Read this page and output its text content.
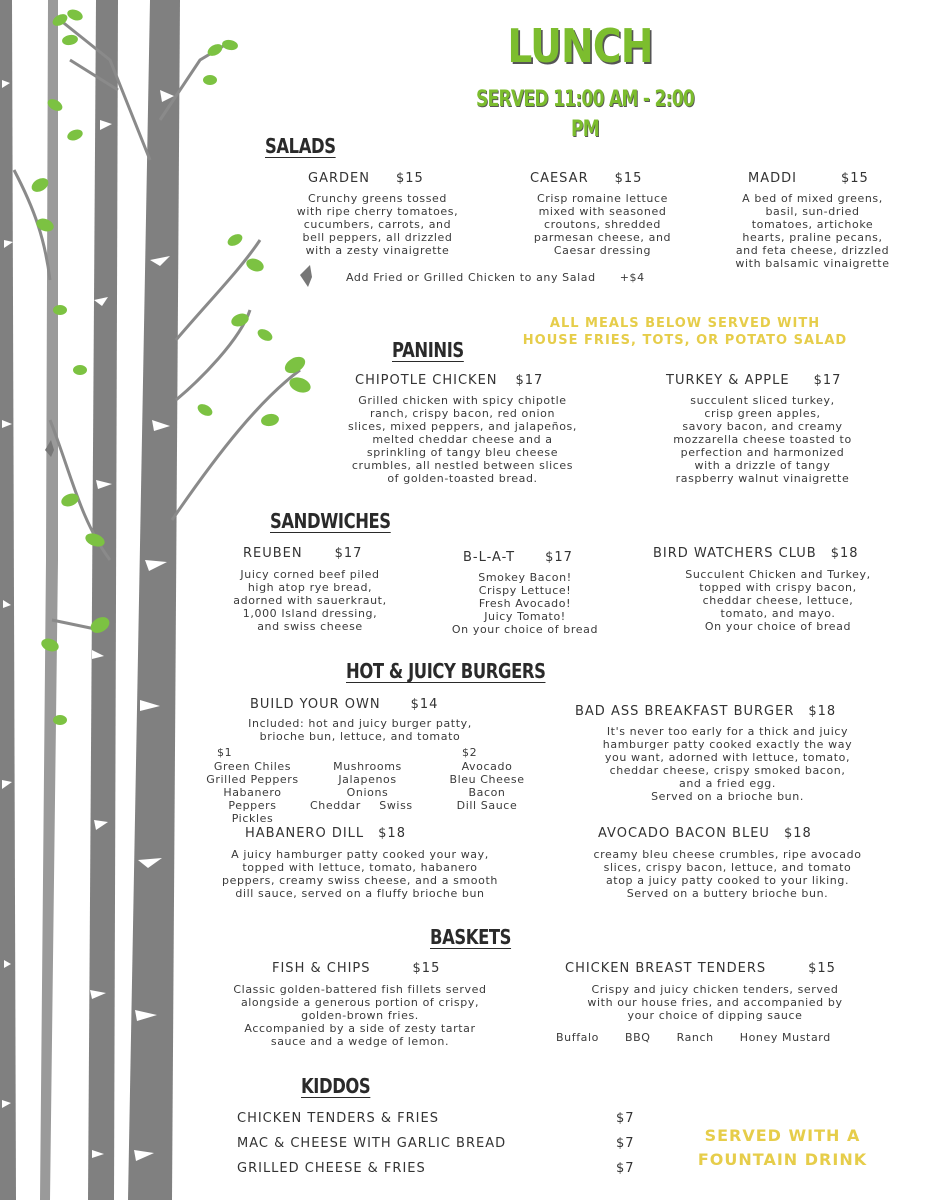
LUNCH
SERVED 11:00 AM - 2:00 PM
SALADS
GARDEN $15
Crunchy greens tossed
with ripe cherry tomatoes,
cucumbers, carrots, and
bell peppers, all drizzled
with a zesty vinaigrette
CAESAR $15
Crisp romaine lettuce
mixed with seasoned
croutons, shredded
parmesan cheese, and
Caesar dressing
MADDI	$15
A bed of mixed greens,
basil, sun-dried
tomatoes, artichoke
hearts, praline pecans,
and feta cheese, drizzled
with balsamic vinaigrette
Add Fried or Grilled Chicken to any Salad +$4
ALL MEALS BELOW SERVED WITH
HOUSE FRIES, TOTS, OR POTATO SALAD
PANINIS
CHIPOTLE CHICKEN $17
Grilled chicken with spicy chipotle
ranch, crispy bacon, red onion
slices, mixed peppers, and jalapeños,
melted cheddar cheese and a
sprinkling of tangy bleu cheese
crumbles, all nestled between slices
of golden-toasted bread.
TURKEY & APPLE $17
succulent sliced turkey,
crisp green apples,
savory bacon, and creamy
mozzarella cheese toasted to
perfection and harmonized
with a drizzle of tangy
raspberry walnut vinaigrette
SANDWICHES
REUBEN $17
Juicy corned beef piled
high atop rye bread,
adorned with sauerkraut,
1,000 Island dressing,
and swiss cheese
B-L-A-T $17
Smokey Bacon!
Crispy Lettuce!
Fresh Avocado!
Juicy Tomato!
On your choice of bread
BIRD WATCHERS CLUB $18
Succulent Chicken and Turkey,
topped with crispy bacon,
cheddar cheese, lettuce,
tomato, and mayo.
On your choice of bread
HOT & JUICY BURGERS
BUILD YOUR OWN $14
Included: hot and juicy burger patty,
brioche bun, lettuce, and tomato
$1	$2
Green Chiles
Grilled Peppers
Habanero Peppers
Pickles
Mushrooms
Jalapenos
Onions
Cheddar	Swiss
Avocado
Bleu Cheese
Bacon
Dill Sauce
BAD ASS BREAKFAST BURGER $18
It's never too early for a thick and juicy
hamburger patty cooked exactly the way
you want, adorned with lettuce, tomato,
cheddar cheese, crispy smoked bacon,
and a fried egg.
Served on a brioche bun.
HABANERO DILL $18
A juicy hamburger patty cooked your way,
topped with lettuce, tomato, habanero
peppers, creamy swiss cheese, and a smooth
dill sauce, served on a fluffy brioche bun
AVOCADO BACON BLEU $18
creamy bleu cheese crumbles, ripe avocado
slices, crispy bacon, lettuce, and tomato
atop a juicy patty cooked to your liking.
Served on a buttery brioche bun.
BASKETS
FISH & CHIPS	$15
Classic golden-battered fish fillets served
alongside a generous portion of crispy,
golden-brown fries.
Accompanied by a side of zesty tartar
sauce and a wedge of lemon.
CHICKEN BREAST TENDERS	$15
Crispy and juicy chicken tenders, served
with our house fries, and accompanied by
your choice of dipping sauce
Buffalo BBQ Ranch Honey Mustard
KIDDOS
CHICKEN TENDERS & FRIES	$7
MAC & CHEESE WITH GARLIC BREAD	$7
GRILLED CHEESE & FRIES	$7
SERVED WITH A
FOUNTAIN DRINK
